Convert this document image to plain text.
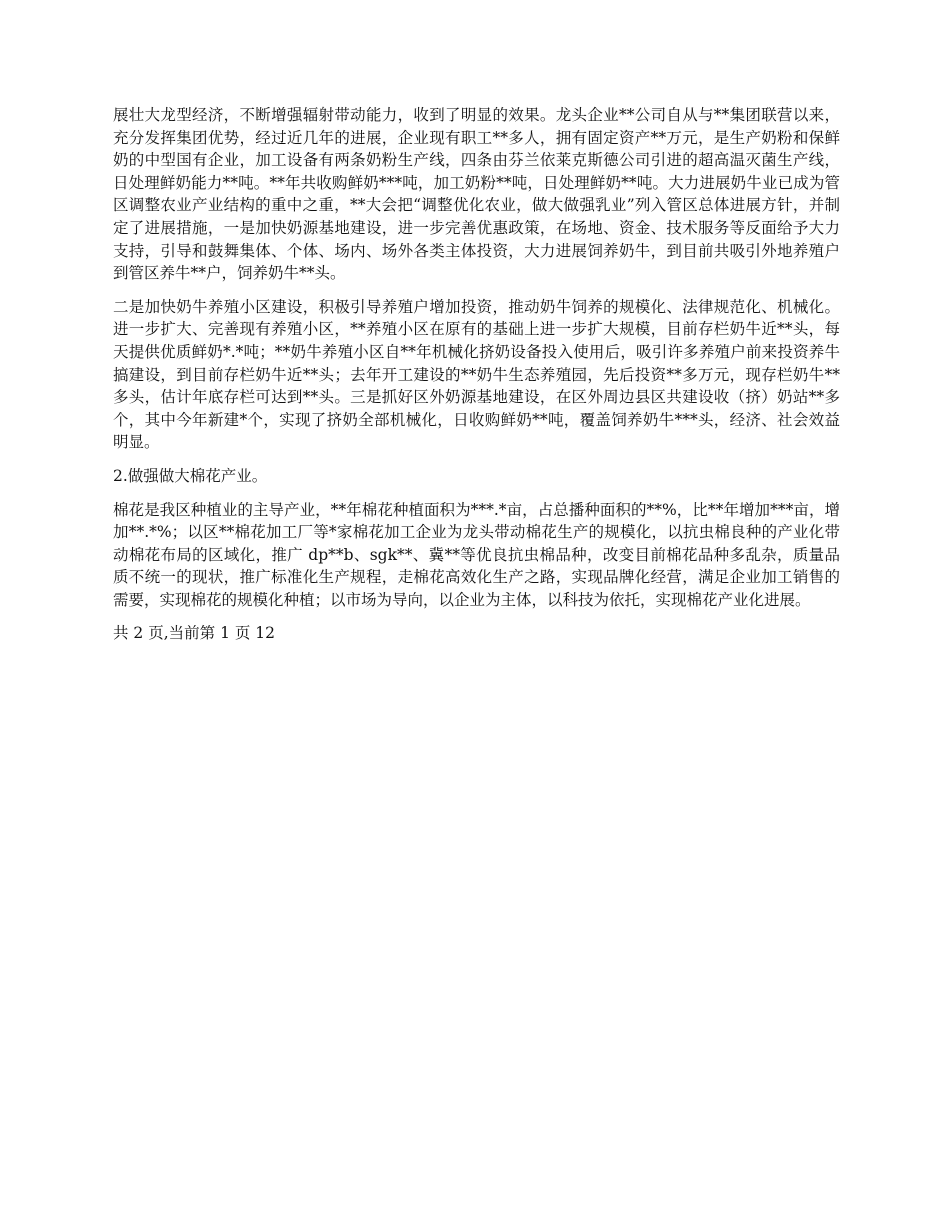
展壮大龙型经济，不断增强辐射带动能力，收到了明显的效果。龙头企业**公司自从与**集团联营以来，充分发挥集团优势，经过近几年的进展，企业现有职工**多人，拥有固定资产**万元，是生产奶粉和保鲜奶的中型国有企业，加工设备有两条奶粉生产线，四条由芬兰依莱克斯德公司引进的超高温灭菌生产线，日处理鲜奶能力**吨。**年共收购鲜奶***吨，加工奶粉**吨，日处理鲜奶**吨。大力进展奶牛业已成为管区调整农业产业结构的重中之重，**大会把“调整优化农业，做大做强乳业”列入管区总体进展方针，并制定了进展措施，一是加快奶源基地建设，进一步完善优惠政策，在场地、资金、技术服务等反面给予大力支持，引导和鼓舞集体、个体、场内、场外各类主体投资，大力进展饲养奶牛，到目前共吸引外地养殖户到管区养牛**户，饲养奶牛**头。

二是加快奶牛养殖小区建设，积极引导养殖户增加投资，推动奶牛饲养的规模化、法律规范化、机械化。进一步扩大、完善现有养殖小区，**养殖小区在原有的基础上进一步扩大规模，目前存栏奶牛近**头，每天提供优质鲜奶*.*吨；**奶牛养殖小区自**年机械化挤奶设备投入使用后，吸引许多养殖户前来投资养牛搞建设，到目前存栏奶牛近**头；去年开工建设的**奶牛生态养殖园，先后投资**多万元，现存栏奶牛**多头，估计年底存栏可达到**头。三是抓好区外奶源基地建设，在区外周边县区共建设收（挤）奶站**多个，其中今年新建*个，实现了挤奶全部机械化，日收购鲜奶**吨，覆盖饲养奶牛***头，经济、社会效益明显。

2.做强做大棉花产业。

棉花是我区种植业的主导产业，**年棉花种植面积为***.*亩，占总播种面积的**%，比**年增加***亩，增加**.*%；以区**棉花加工厂等*家棉花加工企业为龙头带动棉花生产的规模化，以抗虫棉良种的产业化带动棉花布局的区域化，推广 dp**b、sgk**、冀**等优良抗虫棉品种，改变目前棉花品种多乱杂，质量品质不统一的现状，推广标准化生产规程，走棉花高效化生产之路，实现品牌化经营，满足企业加工销售的需要，实现棉花的规模化种植；以市场为导向，以企业为主体，以科技为依托，实现棉花产业化进展。

共 2 页,当前第 1 页 12
